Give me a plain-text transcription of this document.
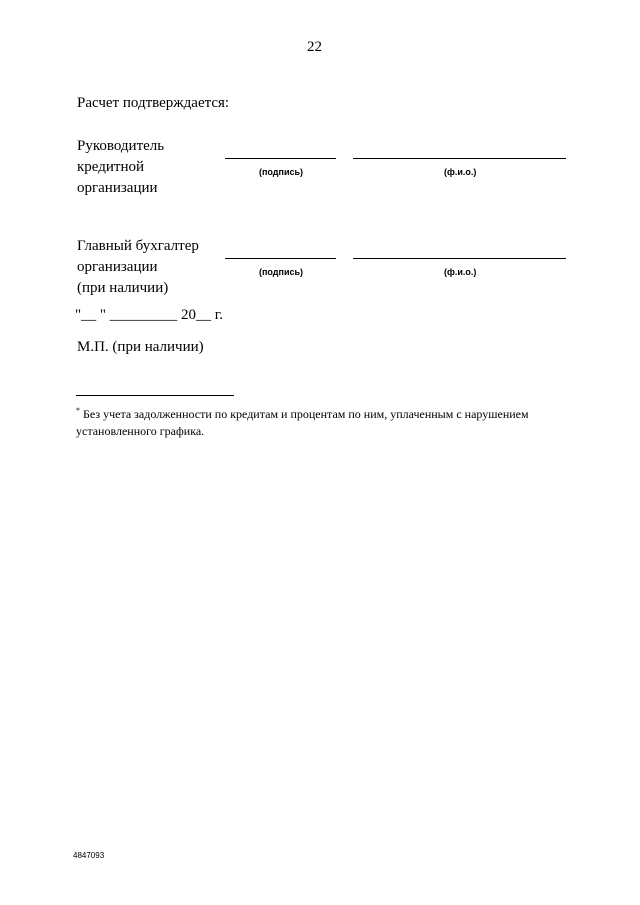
22
Расчет подтверждается:
Руководитель
кредитной
организации
(подпись)	(ф.и.о.)
Главный бухгалтер
организации
(при наличии)
(подпись)	(ф.и.о.)
"__ " _________ 20__ г.
М.П. (при наличии)
* Без учета задолженности по кредитам и процентам по ним, уплаченным с нарушением установленного графика.
4847093
